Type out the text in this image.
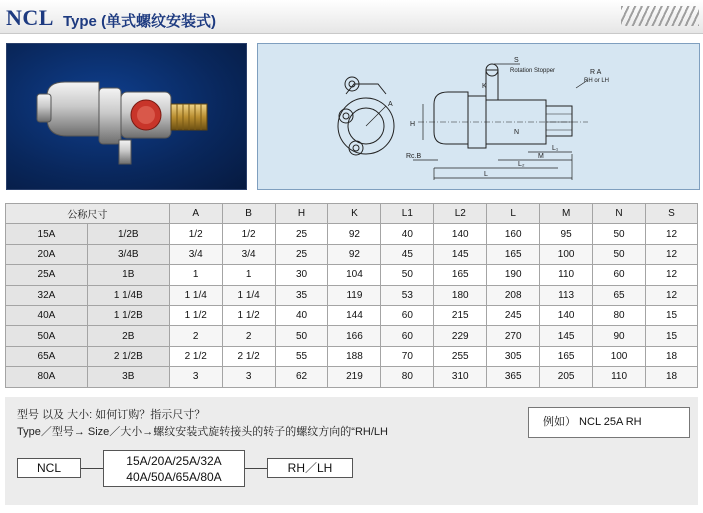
NCL Type (单式螺纹安装式)
A
S
Rotation Stopper	R A
RH or LH
H
Rc.B
L₁
M
L₂
L
N
K
公称尺寸		A	B	H	K	L1	L2	L	M	N	S
15A	1/2B	1/2	1/2	25	92	40	140	160	95	50	12
20A	3/4B	3/4	3/4	25	92	45	145	165	100	50	12
25A	1B	1	1	30	104	50	165	190	110	60	12
32A	1 1/4B	1 1/4	1 1/4	35	119	53	180	208	113	65	12
40A	1 1/2B	1 1/2	1 1/2	40	144	60	215	245	140	80	15
50A	2B	2	2	50	166	60	229	270	145	90	15
65A	2 1/2B	2 1/2	2 1/2	55	188	70	255	305	165	100	18
80A	3B	3	3	62	219	80	310	365	205	110	18
型号 以及 大小: 如何订购？指示尺寸？
Type／型号→ Size／大小→螺纹安装式旋转接头的转子的螺纹方向的“RH/LH
例如） NCL 25A RH
NCL	15A/20A/25A/32A
40A/50A/65A/80A
RH／LH
